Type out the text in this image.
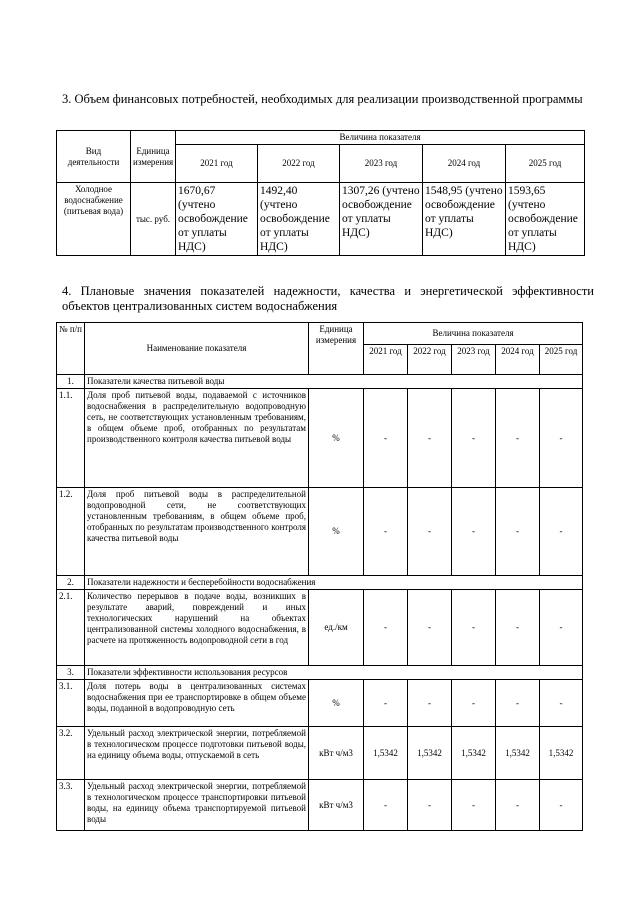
3. Объем финансовых потребностей, необходимых для реализации производственной программы
Вид деятельности	Единица измерения	Величина показателя				
		2021 год	2022 год	2023 год	2024 год	2025 год
Холодное водоснабжение (питьевая вода)	тыс. руб.	1670,67 (учтено освобождение от уплаты НДС)	1492,40 (учтено освобождение от уплаты НДС)	1307,26 (учтено освобождение от уплаты НДС)	1548,95 (учтено освобождение от уплаты НДС)	1593,65 (учтено освобождение от уплаты НДС)
4. Плановые значения показателей надежности, качества и энергетической эффективности объектов централизованных систем водоснабжения
№ п/п	Наименование показателя	Единица измерения	Величина показателя				
			2021 год	2022 год	2023 год	2024 год	2025 год
1.	Показатели качества питьевой воды						
1.1.	Доля проб питьевой воды, подаваемой с источников водоснабжения в распределительную водопроводную сеть, не соответствующих установленным требованиям, в общем объеме проб, отобранных по результатам производственного контроля качества питьевой воды	%	-	-	-	-	-
1.2.	Доля проб питьевой воды в распределительной водопроводной сети, не соответствующих установленным требованиям, в общем объеме проб, отобранных по результатам производственного контроля качества питьевой воды	%	-	-	-	-	-
2.	Показатели надежности и бесперебойности водоснабжения						
2.1.	Количество перерывов в подаче воды, возникших в результате аварий, повреждений и иных технологических нарушений на объектах централизованной системы холодного водоснабжения, в расчете на протяженность водопроводной сети в год	ед./км	-	-	-	-	-
3.	Показатели эффективности использования ресурсов						
3.1.	Доля потерь воды в централизованных системах водоснабжения при ее транспортировке в общем объеме воды, поданной в водопроводную сеть	%	-	-	-	-	-
3.2.	Удельный расход электрической энергии, потребляемой в технологическом процессе подготовки питьевой воды, на единицу объема воды, отпускаемой в сеть	кВт ч/м3	1,5342	1,5342	1,5342	1,5342	1,5342
3.3.	Удельный расход электрической энергии, потребляемой в технологическом процессе транспортировки питьевой воды, на единицу объема транспортируемой питьевой воды	кВт ч/м3	-	-	-	-	-
